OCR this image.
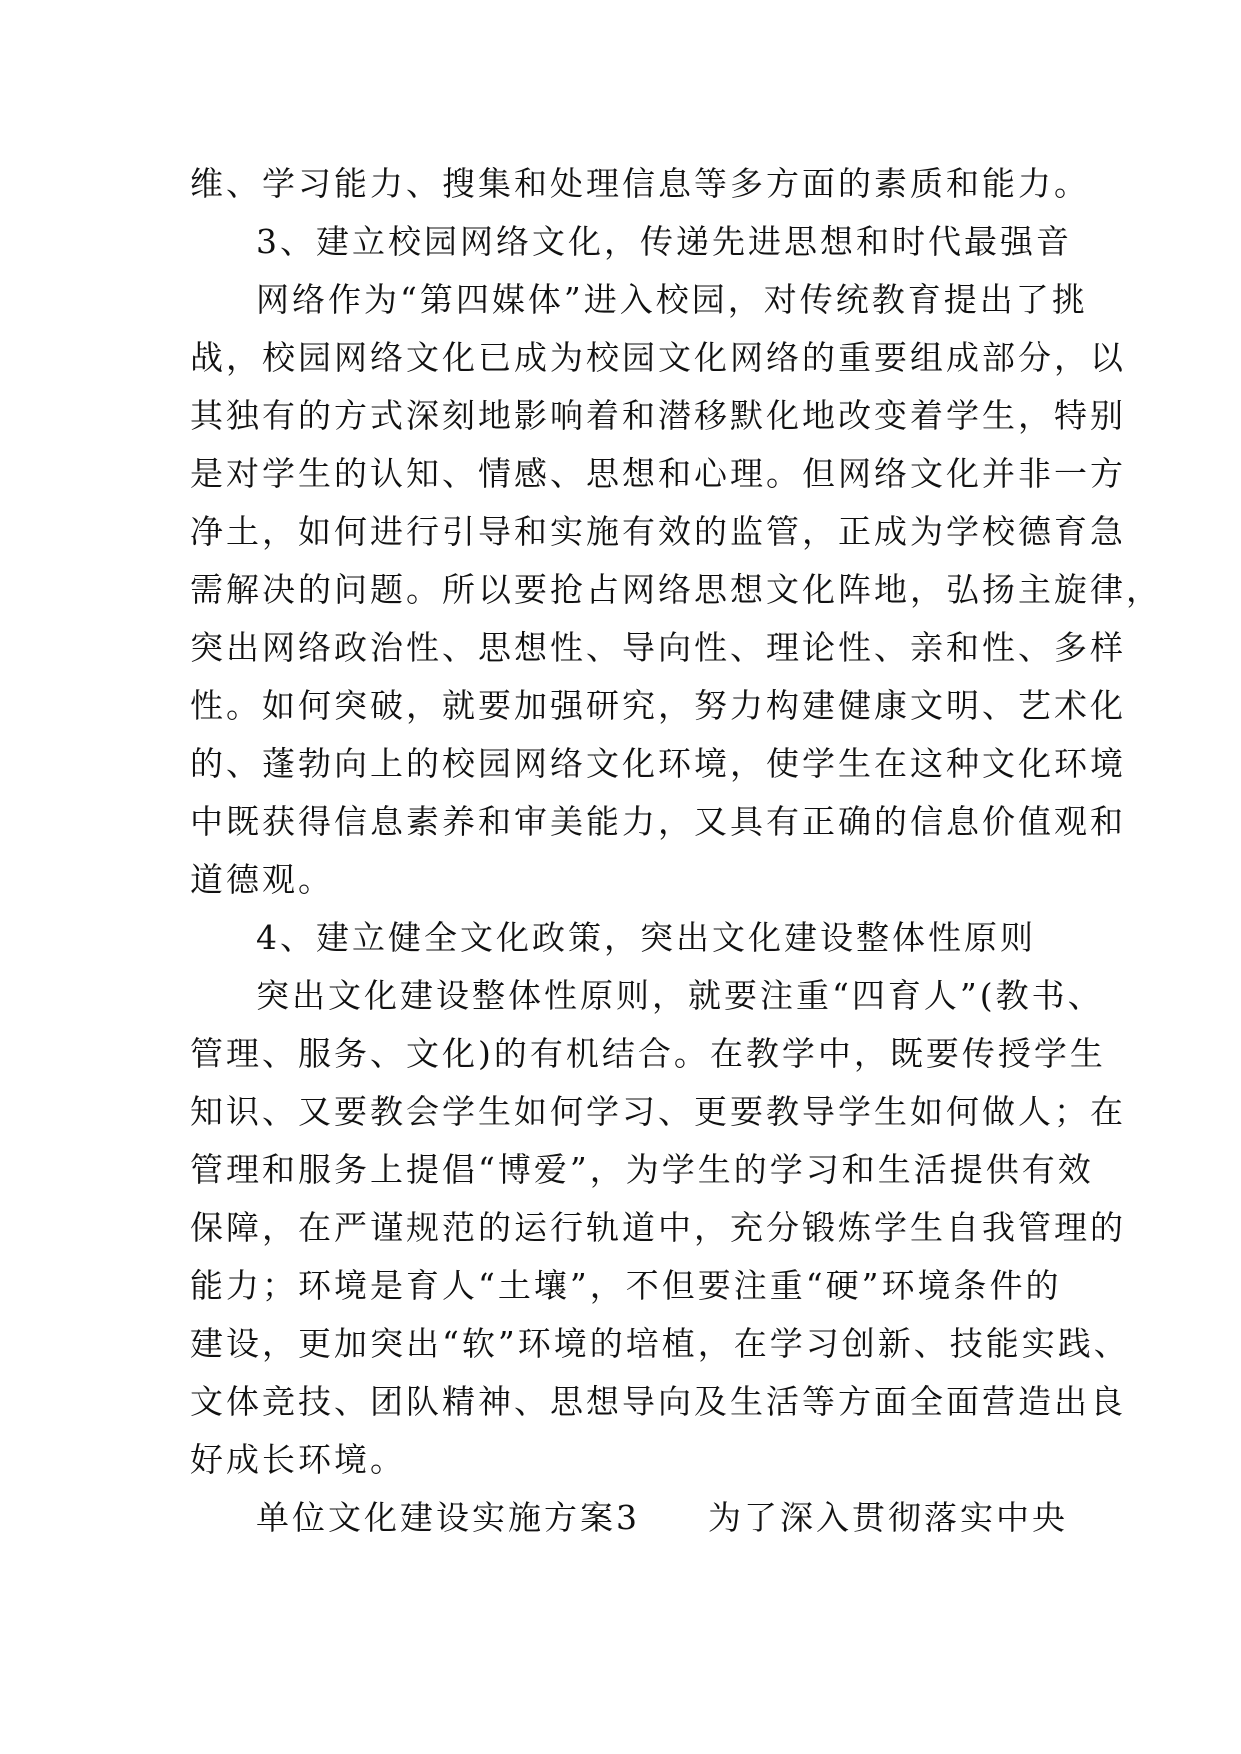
维、学习能力、搜集和处理信息等多方面的素质和能力。
3、建立校园网络文化，传递先进思想和时代最强音
网络作为“第四媒体”进入校园，对传统教育提出了挑
战，校园网络文化已成为校园文化网络的重要组成部分，以
其独有的方式深刻地影响着和潜移默化地改变着学生，特别
是对学生的认知、情感、思想和心理。但网络文化并非一方
净土，如何进行引导和实施有效的监管，正成为学校德育急
需解决的问题。所以要抢占网络思想文化阵地，弘扬主旋律，
突出网络政治性、思想性、导向性、理论性、亲和性、多样
性。如何突破，就要加强研究，努力构建健康文明、艺术化
的、蓬勃向上的校园网络文化环境，使学生在这种文化环境
中既获得信息素养和审美能力，又具有正确的信息价值观和
道德观。
4、建立健全文化政策，突出文化建设整体性原则
突出文化建设整体性原则，就要注重“四育人”(教书、
管理、服务、文化)的有机结合。在教学中，既要传授学生
知识、又要教会学生如何学习、更要教导学生如何做人；在
管理和服务上提倡“博爱”，为学生的学习和生活提供有效
保障，在严谨规范的运行轨道中，充分锻炼学生自我管理的
能力；环境是育人“土壤”，不但要注重“硬”环境条件的
建设，更加突出“软”环境的培植，在学习创新、技能实践、
文体竞技、团队精神、思想导向及生活等方面全面营造出良
好成长环境。
单位文化建设实施方案3 为了深入贯彻落实中央
